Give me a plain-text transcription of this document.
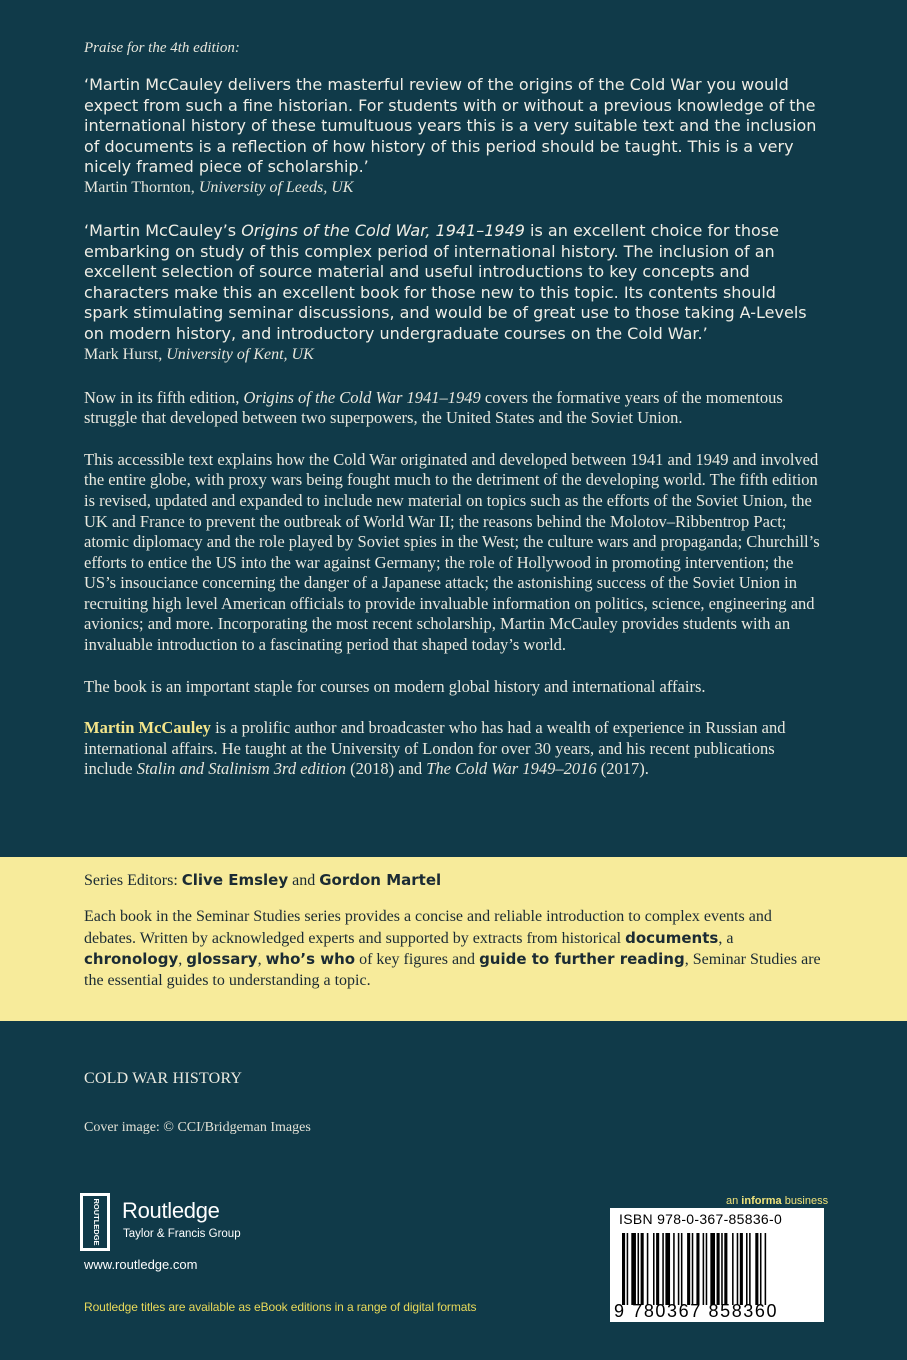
Praise for the 4th edition:

‘Martin McCauley delivers the masterful review of the origins of the Cold War you would expect from such a fine historian. For students with or without a previous knowledge of the international history of these tumultuous years this is a very suitable text and the inclusion of documents is a reflection of how history of this period should be taught. This is a very nicely framed piece of scholarship.’

Martin Thornton, University of Leeds, UK

‘Martin McCauley’s Origins of the Cold War, 1941–1949 is an excellent choice for those embarking on study of this complex period of international history. The inclusion of an excellent selection of source material and useful introductions to key concepts and characters make this an excellent book for those new to this topic. Its contents should spark stimulating seminar discussions, and would be of great use to those taking A-Levels on modern history, and introductory undergraduate courses on the Cold War.’

Mark Hurst, University of Kent, UK

Now in its fifth edition, Origins of the Cold War 1941–1949 covers the formative years of the momentous struggle that developed between two superpowers, the United States and the Soviet Union.

This accessible text explains how the Cold War originated and developed between 1941 and 1949 and involved the entire globe, with proxy wars being fought much to the detriment of the developing world. The fifth edition is revised, updated and expanded to include new material on topics such as the efforts of the Soviet Union, the UK and France to prevent the outbreak of World War II; the reasons behind the Molotov–Ribbentrop Pact; atomic diplomacy and the role played by Soviet spies in the West; the culture wars and propaganda; Churchill’s efforts to entice the US into the war against Germany; the role of Hollywood in promoting intervention; the US’s insouciance concerning the danger of a Japanese attack; the astonishing success of the Soviet Union in recruiting high level American officials to provide invaluable information on politics, science, engineering and avionics; and more. Incorporating the most recent scholarship, Martin McCauley provides students with an invaluable introduction to a fascinating period that shaped today’s world.

The book is an important staple for courses on modern global history and international affairs.

Martin McCauley is a prolific author and broadcaster who has had a wealth of experience in Russian and international affairs. He taught at the University of London for over 30 years, and his recent publications include Stalin and Stalinism 3rd edition (2018) and The Cold War 1949–2016 (2017).

Series Editors: Clive Emsley and Gordon Martel

Each book in the Seminar Studies series provides a concise and reliable introduction to complex events and debates. Written by acknowledged experts and supported by extracts from historical documents, a chronology, glossary, who’s who of key figures and guide to further reading, Seminar Studies are the essential guides to understanding a topic.

COLD WAR HISTORY
Cover image: © CCI/Bridgeman Images
ROUTLEDGE Routledge
Taylor & Francis Group
www.routledge.com
Routledge titles are available as eBook editions in a range of digital formats
an informa business
ISBN 978-0-367-85836-0
9 780367 858360
